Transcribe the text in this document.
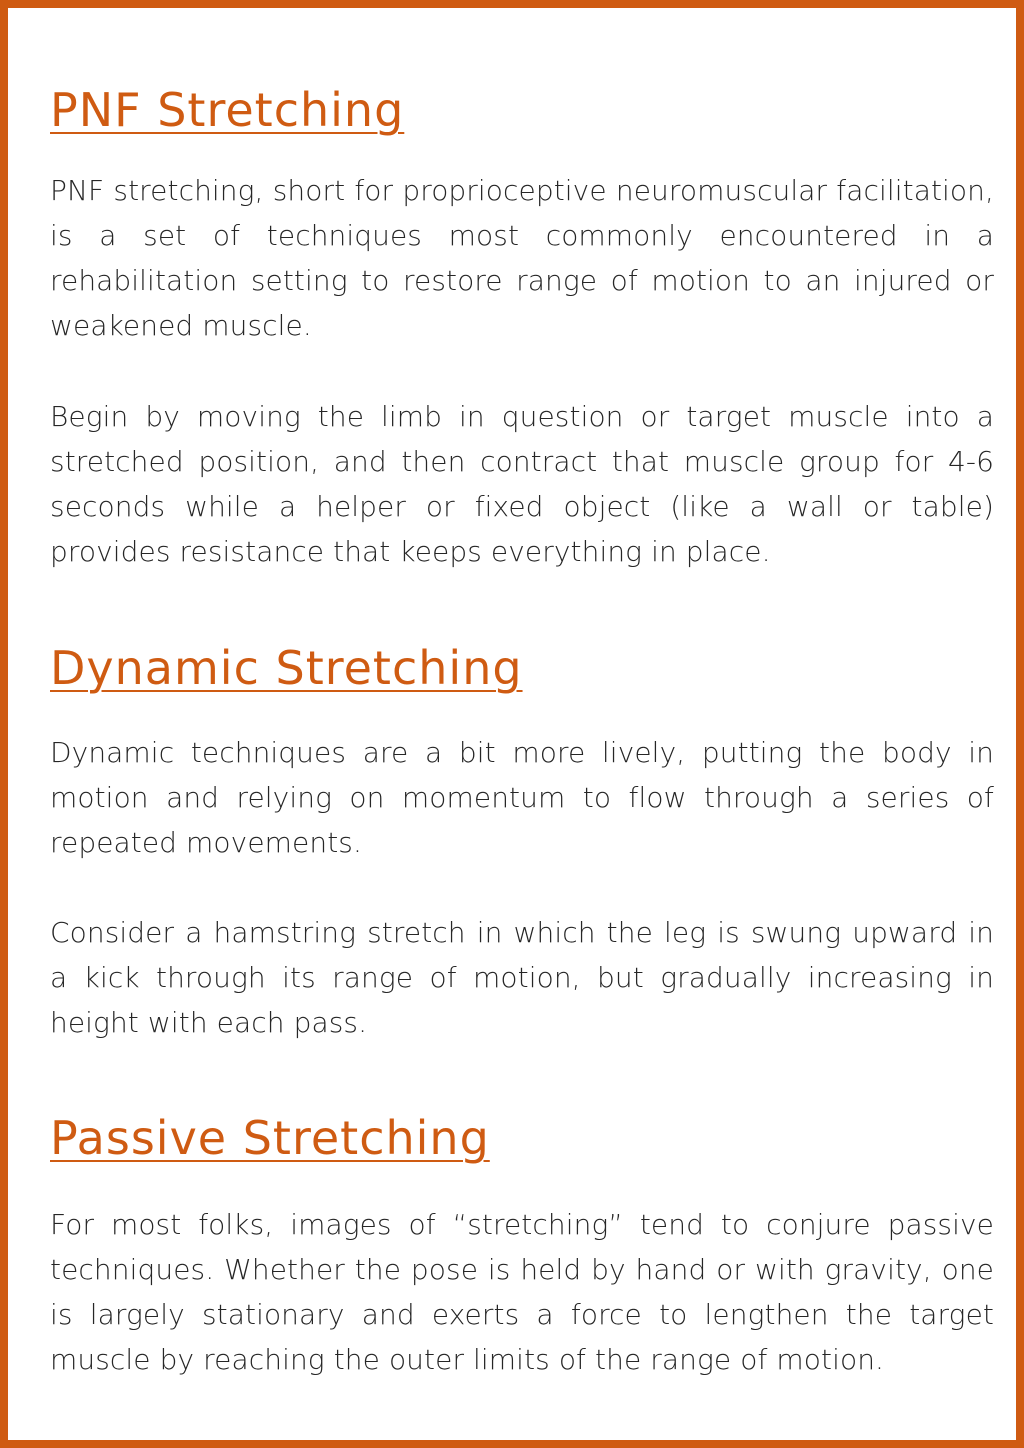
PNF Stretching

PNF stretching, short for proprioceptive neuromuscular facilitation, is a set of techniques most commonly encountered in a rehabilitation setting to restore range of motion to an injured or weakened muscle.

Begin by moving the limb in question or target muscle into a stretched position, and then contract that muscle group for 4-6 seconds while a helper or fixed object (like a wall or table) provides resistance that keeps everything in place.

Dynamic Stretching

Dynamic techniques are a bit more lively, putting the body in motion and relying on momentum to flow through a series of repeated movements.

Consider a hamstring stretch in which the leg is swung upward in a kick through its range of motion, but gradually increasing in height with each pass.

Passive Stretching

For most folks, images of “stretching” tend to conjure passive techniques. Whether the pose is held by hand or with gravity, one is largely stationary and exerts a force to lengthen the target muscle by reaching the outer limits of the range of motion.
